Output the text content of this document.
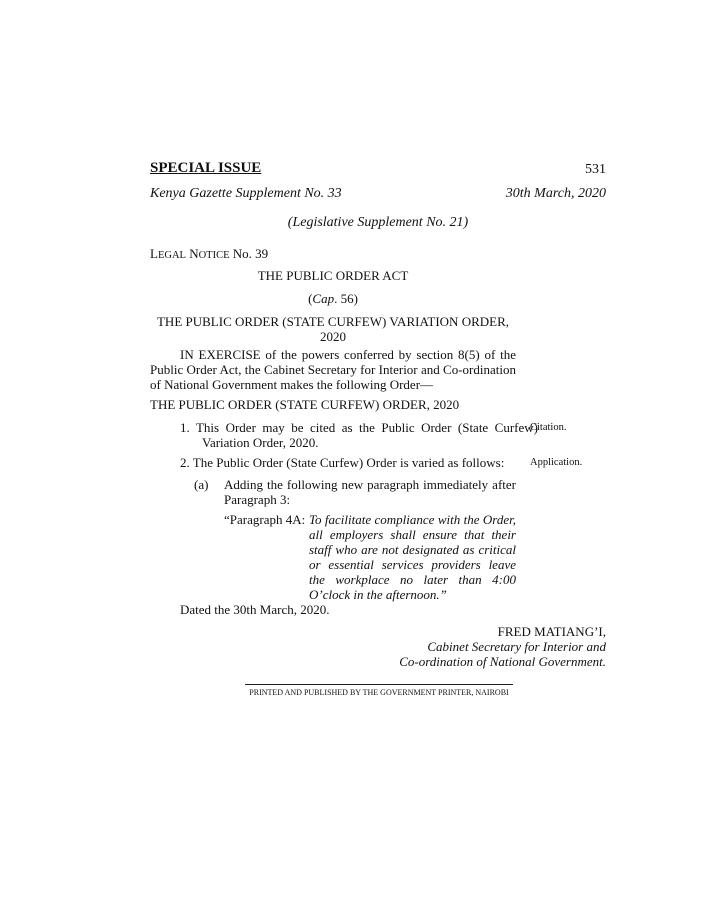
SPECIAL ISSUE	531
Kenya Gazette Supplement No. 33	30th March, 2020
(Legislative Supplement No. 21)
LEGAL NOTICE No. 39
THE PUBLIC ORDER ACT
(Cap. 56)
THE PUBLIC ORDER (STATE CURFEW) VARIATION ORDER,
2020
IN EXERCISE of the powers conferred by section 8(5) of the Public Order Act, the Cabinet Secretary for Interior and Co-ordination of National Government makes the following Order—
THE PUBLIC ORDER (STATE CURFEW) ORDER, 2020
1. This Order may be cited as the Public Order (State Curfew) Variation Order, 2020.
Citation.
2. The Public Order (State Curfew) Order is varied as follows:	Application.
(a) Adding the following new paragraph immediately after Paragraph 3:
“Paragraph 4A: To facilitate compliance with the Order, all employers shall ensure that their staff who are not designated as critical or essential services providers leave the workplace no later than 4:00 O’clock in the afternoon.”
Dated the 30th March, 2020.
FRED MATIANG’I,
Cabinet Secretary for Interior and
Co-ordination of National Government.
PRINTED AND PUBLISHED BY THE GOVERNMENT PRINTER, NAIROBI
